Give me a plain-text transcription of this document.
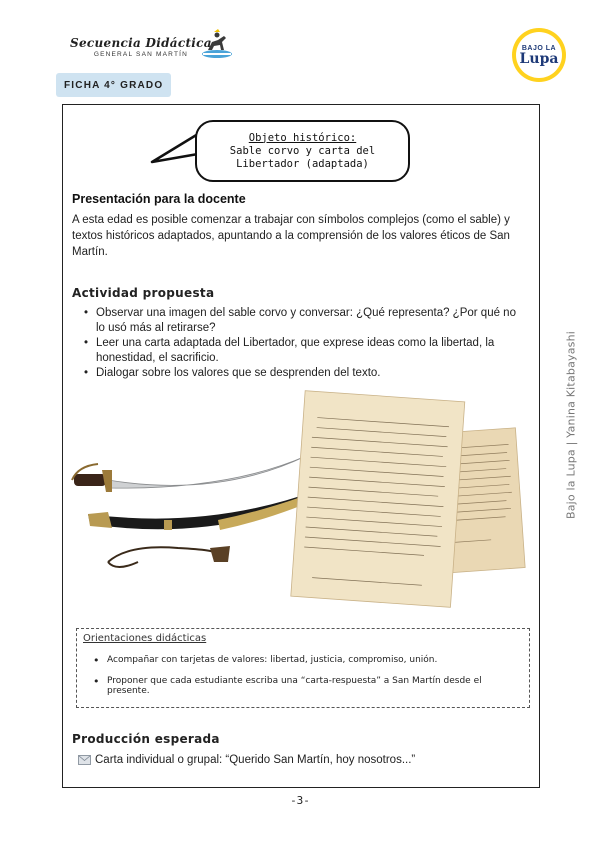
Secuencia Didáctica
GENERAL SAN MARTÍN
BAJO LA
Lupa
FICHA 4° GRADO
Objeto histórico:
Sable corvo y carta del
Libertador (adaptada)
Presentación para la docente

A esta edad es posible comenzar a trabajar con símbolos complejos (como el sable) y textos históricos adaptados, apuntando a la comprensión de los valores éticos de San Martín.

Actividad propuesta
• Observar una imagen del sable corvo y conversar: ¿Qué representa? ¿Por qué no lo usó más al retirarse?
• Leer una carta adaptada del Libertador, que exprese ideas como la libertad, la honestidad, el sacrificio.
• Dialogar sobre los valores que se desprenden del texto.	Bajo la Lupa | Yanina Kitabayashi
Orientaciones didácticas
• Acompañar con tarjetas de valores: libertad, justicia, compromiso, unión.
• Proponer que cada estudiante escriba una “carta-respuesta” a San Martín desde el presente.
Producción esperada
Carta individual o grupal: “Querido San Martín, hoy nosotros...”
-3-
